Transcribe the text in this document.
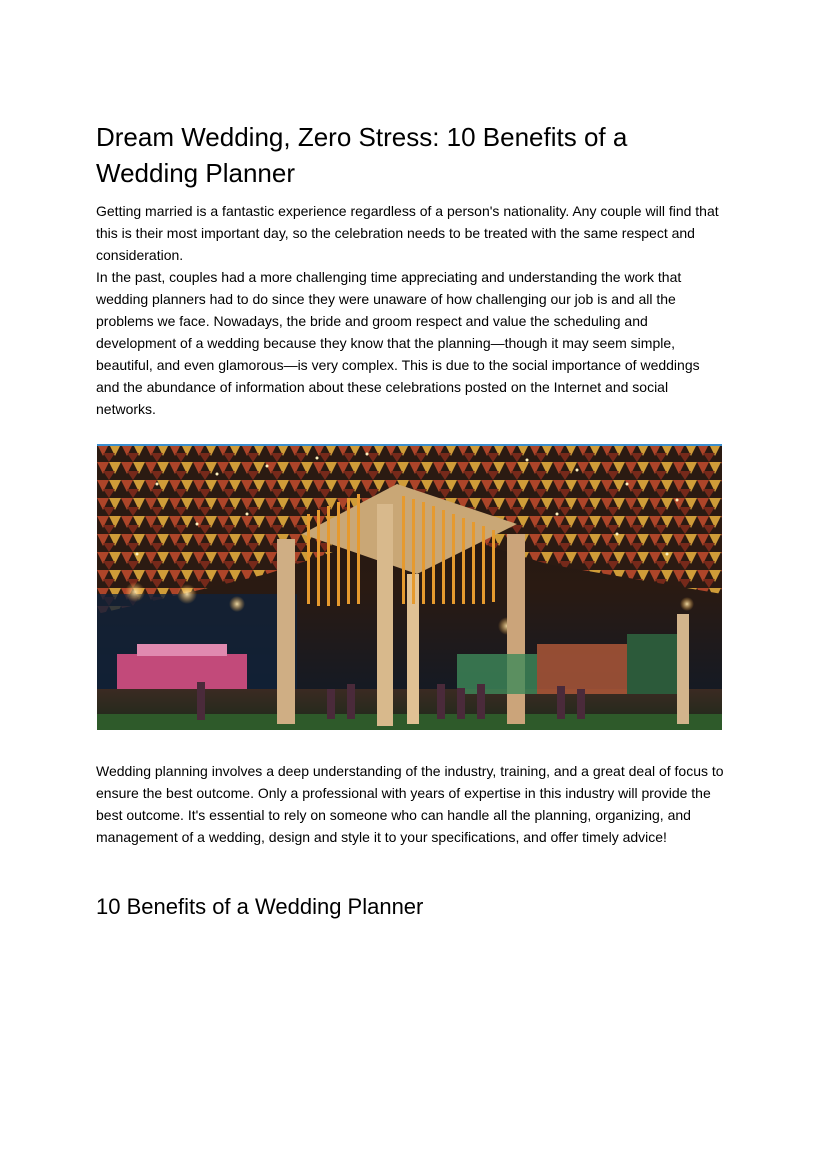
Dream Wedding, Zero Stress: 10 Benefits of a Wedding Planner

Getting married is a fantastic experience regardless of a person's nationality. Any couple will find that this is their most important day, so the celebration needs to be treated with the same respect and consideration.

In the past, couples had a more challenging time appreciating and understanding the work that wedding planners had to do since they were unaware of how challenging our job is and all the problems we face. Nowadays, the bride and groom respect and value the scheduling and development of a wedding because they know that the planning—though it may seem simple, beautiful, and even glamorous—is very complex. This is due to the social importance of weddings and the abundance of information about these celebrations posted on the Internet and social networks.

NM
NOON MOON EVENTS

Wedding planning involves a deep understanding of the industry, training, and a great deal of focus to ensure the best outcome. Only a professional with years of expertise in this industry will provide the best outcome. It's essential to rely on someone who can handle all the planning, organizing, and management of a wedding, design and style it to your specifications, and offer timely advice!

10 Benefits of a Wedding Planner
